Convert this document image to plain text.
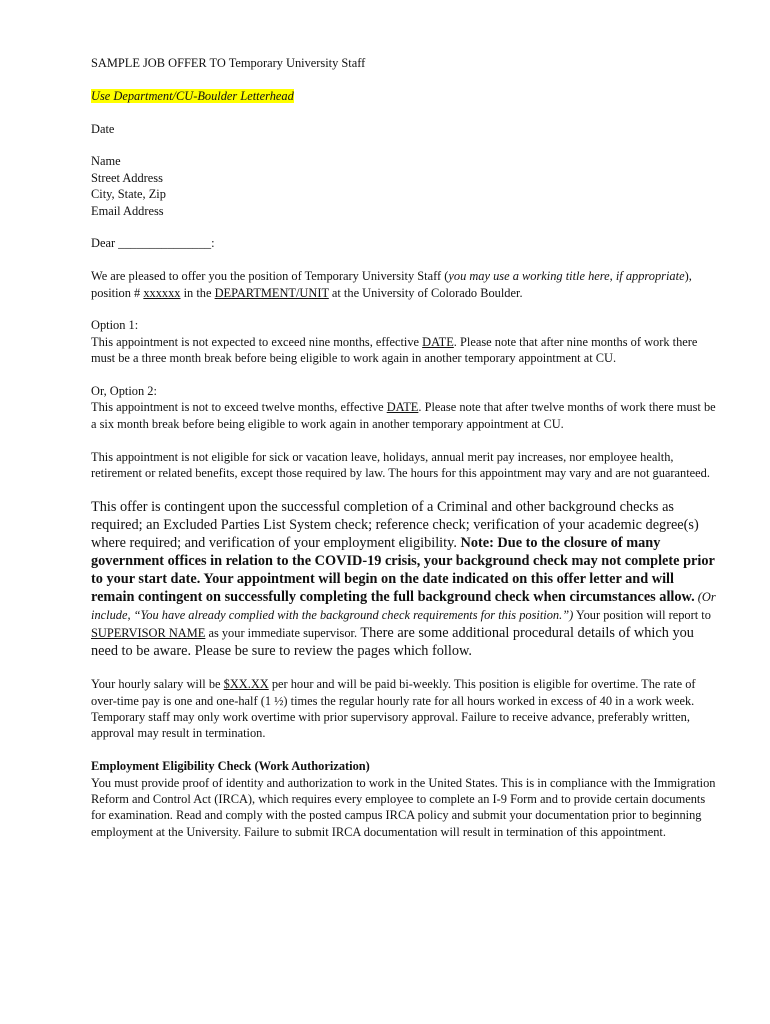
SAMPLE JOB OFFER TO Temporary University Staff

Use Department/CU-Boulder Letterhead

Date

Name

Street Address

City, State, Zip

Email Address

Dear _______________:

We are pleased to offer you the position of Temporary University Staff (you may use a working title here, if appropriate), position # xxxxxx in the DEPARTMENT/UNIT at the University of Colorado Boulder.

Option 1:

This appointment is not expected to exceed nine months, effective DATE. Please note that after nine months of work there must be a three month break before being eligible to work again in another temporary appointment at CU.

Or, Option 2:

This appointment is not to exceed twelve months, effective DATE. Please note that after twelve months of work there must be a six month break before being eligible to work again in another temporary appointment at CU.

This appointment is not eligible for sick or vacation leave, holidays, annual merit pay increases, nor employee health, retirement or related benefits, except those required by law. The hours for this appointment may vary and are not guaranteed.

This offer is contingent upon the successful completion of a Criminal and other background checks as required; an Excluded Parties List System check; reference check; verification of your academic degree(s) where required; and verification of your employment eligibility. Note: Due to the closure of many government offices in relation to the COVID-19 crisis, your background check may not complete prior to your start date. Your appointment will begin on the date indicated on this offer letter and will remain contingent on successfully completing the full background check when circumstances allow. (Or include, “You have already complied with the background check requirements for this position.”) Your position will report to SUPERVISOR NAME as your immediate supervisor. There are some additional procedural details of which you need to be aware. Please be sure to review the pages which follow.

Your hourly salary will be $XX.XX per hour and will be paid bi-weekly. This position is eligible for overtime. The rate of over-time pay is one and one-half (1 ½) times the regular hourly rate for all hours worked in excess of 40 in a work week. Temporary staff may only work overtime with prior supervisory approval. Failure to receive advance, preferably written, approval may result in termination.

Employment Eligibility Check (Work Authorization)

You must provide proof of identity and authorization to work in the United States. This is in compliance with the Immigration Reform and Control Act (IRCA), which requires every employee to complete an I-9 Form and to provide certain documents for examination. Read and comply with the posted campus IRCA policy and submit your documentation prior to beginning employment at the University. Failure to submit IRCA documentation will result in termination of this appointment.
